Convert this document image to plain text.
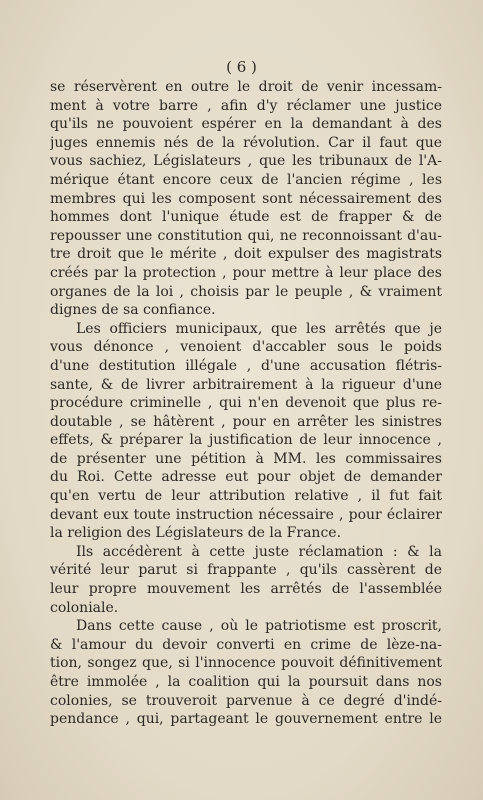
( 6 )
se réservèrent en outre le droit de venir incessam-
ment à votre barre , afin d'y réclamer une justice
qu'ils ne pouvoient espérer en la demandant à des
juges ennemis nés de la révolution. Car il faut que
vous sachiez, Législateurs , que les tribunaux de l'A-
mérique étant encore ceux de l'ancien régime , les
membres qui les composent sont nécessairement des
hommes dont l'unique étude est de frapper & de
repousser une constitution qui, ne reconnoissant d'au-
tre droit que le mérite , doit expulser des magistrats
créés par la protection , pour mettre à leur place des
organes de la loi , choisis par le peuple , & vraiment
dignes de sa confiance.
Les officiers municipaux, que les arrêtés que je
vous dénonce , venoient d'accabler sous le poids
d'une destitution illégale , d'une accusation flétris-
sante, & de livrer arbitrairement à la rigueur d'une
procédure criminelle , qui n'en devenoit que plus re-
doutable , se hâtèrent , pour en arrêter les sinistres
effets, & préparer la justification de leur innocence ,
de présenter une pétition à MM. les commissaires
du Roi. Cette adresse eut pour objet de demander
qu'en vertu de leur attribution relative , il fut fait
devant eux toute instruction nécessaire , pour éclairer
la religion des Législateurs de la France.
Ils accédèrent à cette juste réclamation : & la
vérité leur parut si frappante , qu'ils cassèrent de
leur propre mouvement les arrêtés de l'assemblée
coloniale.
Dans cette cause , où le patriotisme est proscrit,
& l'amour du devoir converti en crime de lèze-na-
tion, songez que, si l'innocence pouvoit définitivement
être immolée , la coalition qui la poursuit dans nos
colonies, se trouveroit parvenue à ce degré d'indé-
pendance , qui, partageant le gouvernement entre le
